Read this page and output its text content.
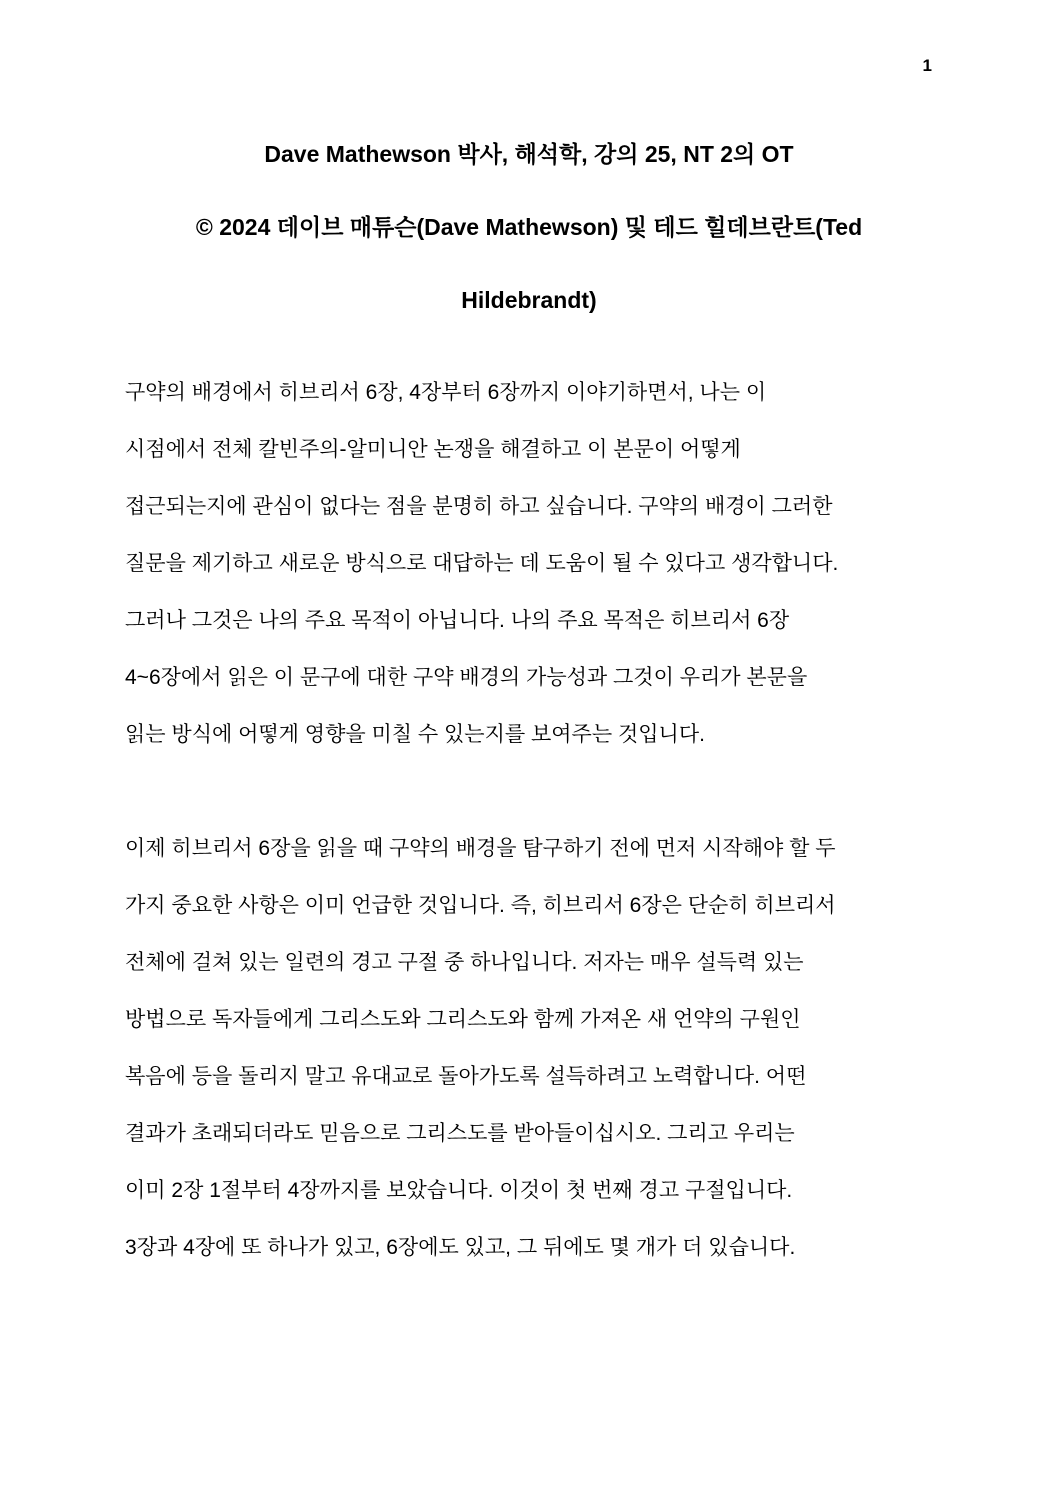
1
Dave Mathewson 박사, 해석학, 강의 25, NT 2의 OT
© 2024 데이브 매튜슨(Dave Mathewson) 및 테드 힐데브란트(Ted
Hildebrandt)
구약의 배경에서 히브리서 6장, 4장부터 6장까지 이야기하면서, 나는 이
시점에서 전체 칼빈주의-알미니안 논쟁을 해결하고 이 본문이 어떻게
접근되는지에 관심이 없다는 점을 분명히 하고 싶습니다. 구약의 배경이 그러한
질문을 제기하고 새로운 방식으로 대답하는 데 도움이 될 수 있다고 생각합니다.
그러나 그것은 나의 주요 목적이 아닙니다. 나의 주요 목적은 히브리서 6장
4~6장에서 읽은 이 문구에 대한 구약 배경의 가능성과 그것이 우리가 본문을
읽는 방식에 어떻게 영향을 미칠 수 있는지를 보여주는 것입니다.
이제 히브리서 6장을 읽을 때 구약의 배경을 탐구하기 전에 먼저 시작해야 할 두
가지 중요한 사항은 이미 언급한 것입니다. 즉, 히브리서 6장은 단순히 히브리서
전체에 걸쳐 있는 일련의 경고 구절 중 하나입니다. 저자는 매우 설득력 있는
방법으로 독자들에게 그리스도와 그리스도와 함께 가져온 새 언약의 구원인
복음에 등을 돌리지 말고 유대교로 돌아가도록 설득하려고 노력합니다. 어떤
결과가 초래되더라도 믿음으로 그리스도를 받아들이십시오. 그리고 우리는
이미 2장 1절부터 4장까지를 보았습니다. 이것이 첫 번째 경고 구절입니다.
3장과 4장에 또 하나가 있고, 6장에도 있고, 그 뒤에도 몇 개가 더 있습니다.
